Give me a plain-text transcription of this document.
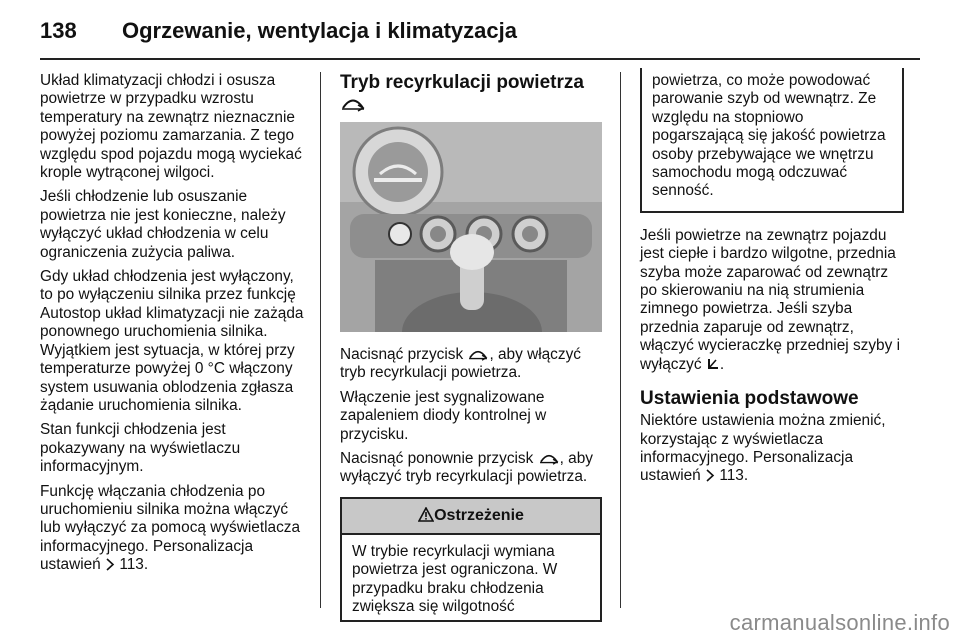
138 Ogrzewanie, wentylacja i klimatyzacja

Układ klimatyzacji chłodzi i osusza powietrze w przypadku wzrostu temperatury na zewnątrz nieznacznie powyżej poziomu zamarzania. Z tego względu spod pojazdu mogą wyciekać krople wytrąconej wilgoci.

Jeśli chłodzenie lub osuszanie powietrza nie jest konieczne, należy wyłączyć układ chłodzenia w celu ograniczenia zużycia paliwa.

Gdy układ chłodzenia jest wyłączony, to po wyłączeniu silnika przez funkcję Autostop układ klimatyzacji nie zażąda ponownego uruchomienia silnika. Wyjątkiem jest sytuacja, w której przy temperaturze powyżej 0 °C włączony system usuwania oblodzenia zgłasza żądanie uruchomienia silnika.

Stan funkcji chłodzenia jest pokazywany na wyświetlaczu informacyjnym.

Funkcję włączania chłodzenia po uruchomieniu silnika można włączyć lub wyłączyć za pomocą wyświetlacza informacyjnego. Personalizacja ustawień 113.

Tryb recyrkulacji powietrza

Nacisnąć przycisk , aby włączyć tryb recyrkulacji powietrza.

Włączenie jest sygnalizowane zapaleniem diody kontrolnej w przycisku.

Nacisnąć ponownie przycisk , aby wyłączyć tryb recyrkulacji powietrza.

Ostrzeżenie
W trybie recyrkulacji wymiana powietrza jest ograniczona. W przypadku braku chłodzenia zwiększa się wilgotność
powietrza, co może powodować parowanie szyb od wewnątrz. Ze względu na stopniowo pogarszającą się jakość powietrza osoby przebywające we wnętrzu samochodu mogą odczuwać senność.

Jeśli powietrze na zewnątrz pojazdu jest ciepłe i bardzo wilgotne, przednia szyba może zaparować od zewnątrz po skierowaniu na nią strumienia zimnego powietrza. Jeśli szyba przednia zaparuje od zewnątrz, włączyć wycieraczkę przedniej szyby i wyłączyć .

Ustawienia podstawowe

Niektóre ustawienia można zmienić, korzystając z wyświetlacza informacyjnego. Personalizacja ustawień 113.

carmanualsonline.info
